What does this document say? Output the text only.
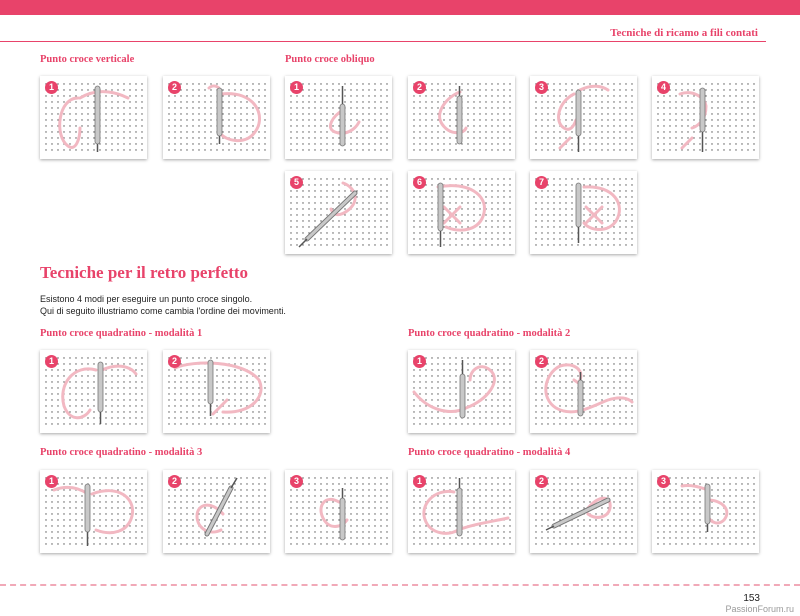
Tecniche di ricamo a fili contati
Punto croce verticale	Punto croce obliquo
1	2	1	2	3	4
5	6	7
Tecniche per il retro perfetto
Esistono 4 modi per eseguire un punto croce singolo.
Qui di seguito illustriamo come cambia l'ordine dei movimenti.
Punto croce quadratino - modalità 1	Punto croce quadratino - modalità 2
1	2	1	2
Punto croce quadratino - modalità 3	Punto croce quadratino - modalità 4
1	2	3	1	2	3
153
PassionForum.ru
